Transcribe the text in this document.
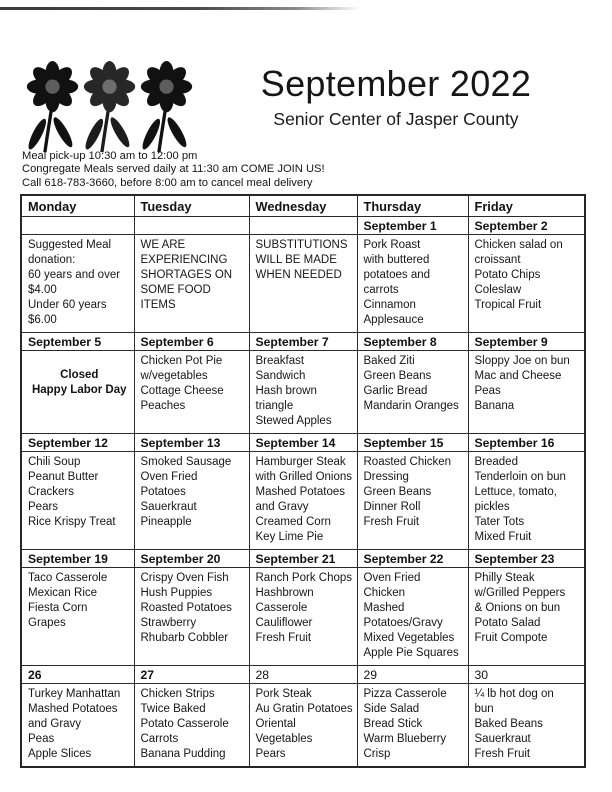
September 2022
Senior Center of Jasper County
Meal pick-up 10:30 am to 12:00 pm
Congregate Meals served daily at 11:30 am COME JOIN US!
Call 618-783-3660, before 8:00 am to cancel meal delivery
Monday	Tuesday	Wednesday	Thursday	Friday
			September 1	September 2
Suggested Meal
donation:
60 years and over
$4.00
Under 60 years
$6.00	WE ARE
EXPERIENCING
SHORTAGES ON
SOME FOOD
ITEMS	SUBSTITUTIONS
WILL BE MADE
WHEN NEEDED	Pork Roast
with buttered
potatoes and
carrots
Cinnamon
Applesauce	Chicken salad on
croissant
Potato Chips
Coleslaw
Tropical Fruit
September 5	September 6	September 7	September 8	September 9
Closed
Happy Labor Day	Chicken Pot Pie
w/vegetables
Cottage Cheese
Peaches	Breakfast
Sandwich
Hash brown
triangle
Stewed Apples	Baked Ziti
Green Beans
Garlic Bread
Mandarin Oranges	Sloppy Joe on bun
Mac and Cheese
Peas
Banana
September 12	September 13	September 14	September 15	September 16
Chili Soup
Peanut Butter
Crackers
Pears
Rice Krispy Treat	Smoked Sausage
Oven Fried
Potatoes
Sauerkraut
Pineapple	Hamburger Steak
with Grilled Onions
Mashed Potatoes
and Gravy
Creamed Corn
Key Lime Pie	Roasted Chicken
Dressing
Green Beans
Dinner Roll
Fresh Fruit	Breaded
Tenderloin on bun
Lettuce, tomato,
pickles
Tater Tots
Mixed Fruit
September 19	September 20	September 21	September 22	September 23
Taco Casserole
Mexican Rice
Fiesta Corn
Grapes	Crispy Oven Fish
Hush Puppies
Roasted Potatoes
Strawberry
Rhubarb Cobbler	Ranch Pork Chops
Hashbrown
Casserole
Cauliflower
Fresh Fruit	Oven Fried
Chicken
Mashed
Potatoes/Gravy
Mixed Vegetables
Apple Pie Squares	Philly Steak
w/Grilled Peppers
& Onions on bun
Potato Salad
Fruit Compote
26	27	28	29	30
Turkey Manhattan
Mashed Potatoes
and Gravy
Peas
Apple Slices	Chicken Strips
Twice Baked
Potato Casserole
Carrots
Banana Pudding	Pork Steak
Au Gratin Potatoes
Oriental
Vegetables
Pears	Pizza Casserole
Side Salad
Bread Stick
Warm Blueberry
Crisp	¼ lb hot dog on
bun
Baked Beans
Sauerkraut
Fresh Fruit
